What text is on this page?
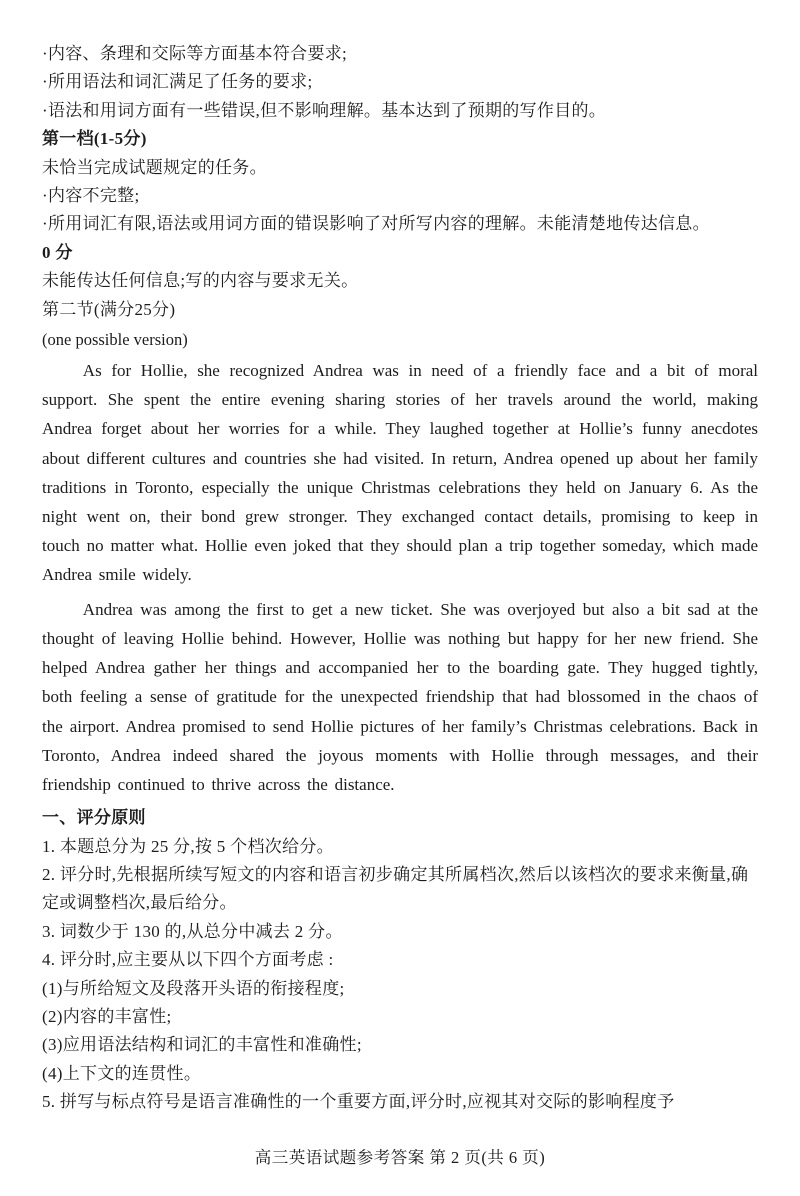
·内容、条理和交际等方面基本符合要求;

·所用语法和词汇满足了任务的要求;

·语法和用词方面有一些错误,但不影响理解。基本达到了预期的写作目的。

第一档(1-5分)

未恰当完成试题规定的任务。

·内容不完整;

·所用词汇有限,语法或用词方面的错误影响了对所写内容的理解。未能清楚地传达信息。

0 分

未能传达任何信息;写的内容与要求无关。

第二节(满分25分)

(one possible version)

As for Hollie, she recognized Andrea was in need of a friendly face and a bit of moral support. She spent the entire evening sharing stories of her travels around the world, making Andrea forget about her worries for a while. They laughed together at Hollie’s funny anecdotes about different cultures and countries she had visited. In return, Andrea opened up about her family traditions in Toronto, especially the unique Christmas celebrations they held on January 6. As the night went on, their bond grew stronger. They exchanged contact details, promising to keep in touch no matter what. Hollie even joked that they should plan a trip together someday, which made Andrea smile widely.

Andrea was among the first to get a new ticket. She was overjoyed but also a bit sad at the thought of leaving Hollie behind. However, Hollie was nothing but happy for her new friend. She helped Andrea gather her things and accompanied her to the boarding gate. They hugged tightly, both feeling a sense of gratitude for the unexpected friendship that had blossomed in the chaos of the airport. Andrea promised to send Hollie pictures of her family’s Christmas celebrations. Back in Toronto, Andrea indeed shared the joyous moments with Hollie through messages, and their friendship continued to thrive across the distance.

一、评分原则

1. 本题总分为 25 分,按 5 个档次给分。

2. 评分时,先根据所续写短文的内容和语言初步确定其所属档次,然后以该档次的要求来衡量,确定或调整档次,最后给分。

3. 词数少于 130 的,从总分中减去 2 分。

4. 评分时,应主要从以下四个方面考虑 :

(1)与所给短文及段落开头语的衔接程度;

(2)内容的丰富性;

(3)应用语法结构和词汇的丰富性和准确性;

(4)上下文的连贯性。

5. 拼写与标点符号是语言准确性的一个重要方面,评分时,应视其对交际的影响程度予

高三英语试题参考答案 第 2 页(共 6 页)
